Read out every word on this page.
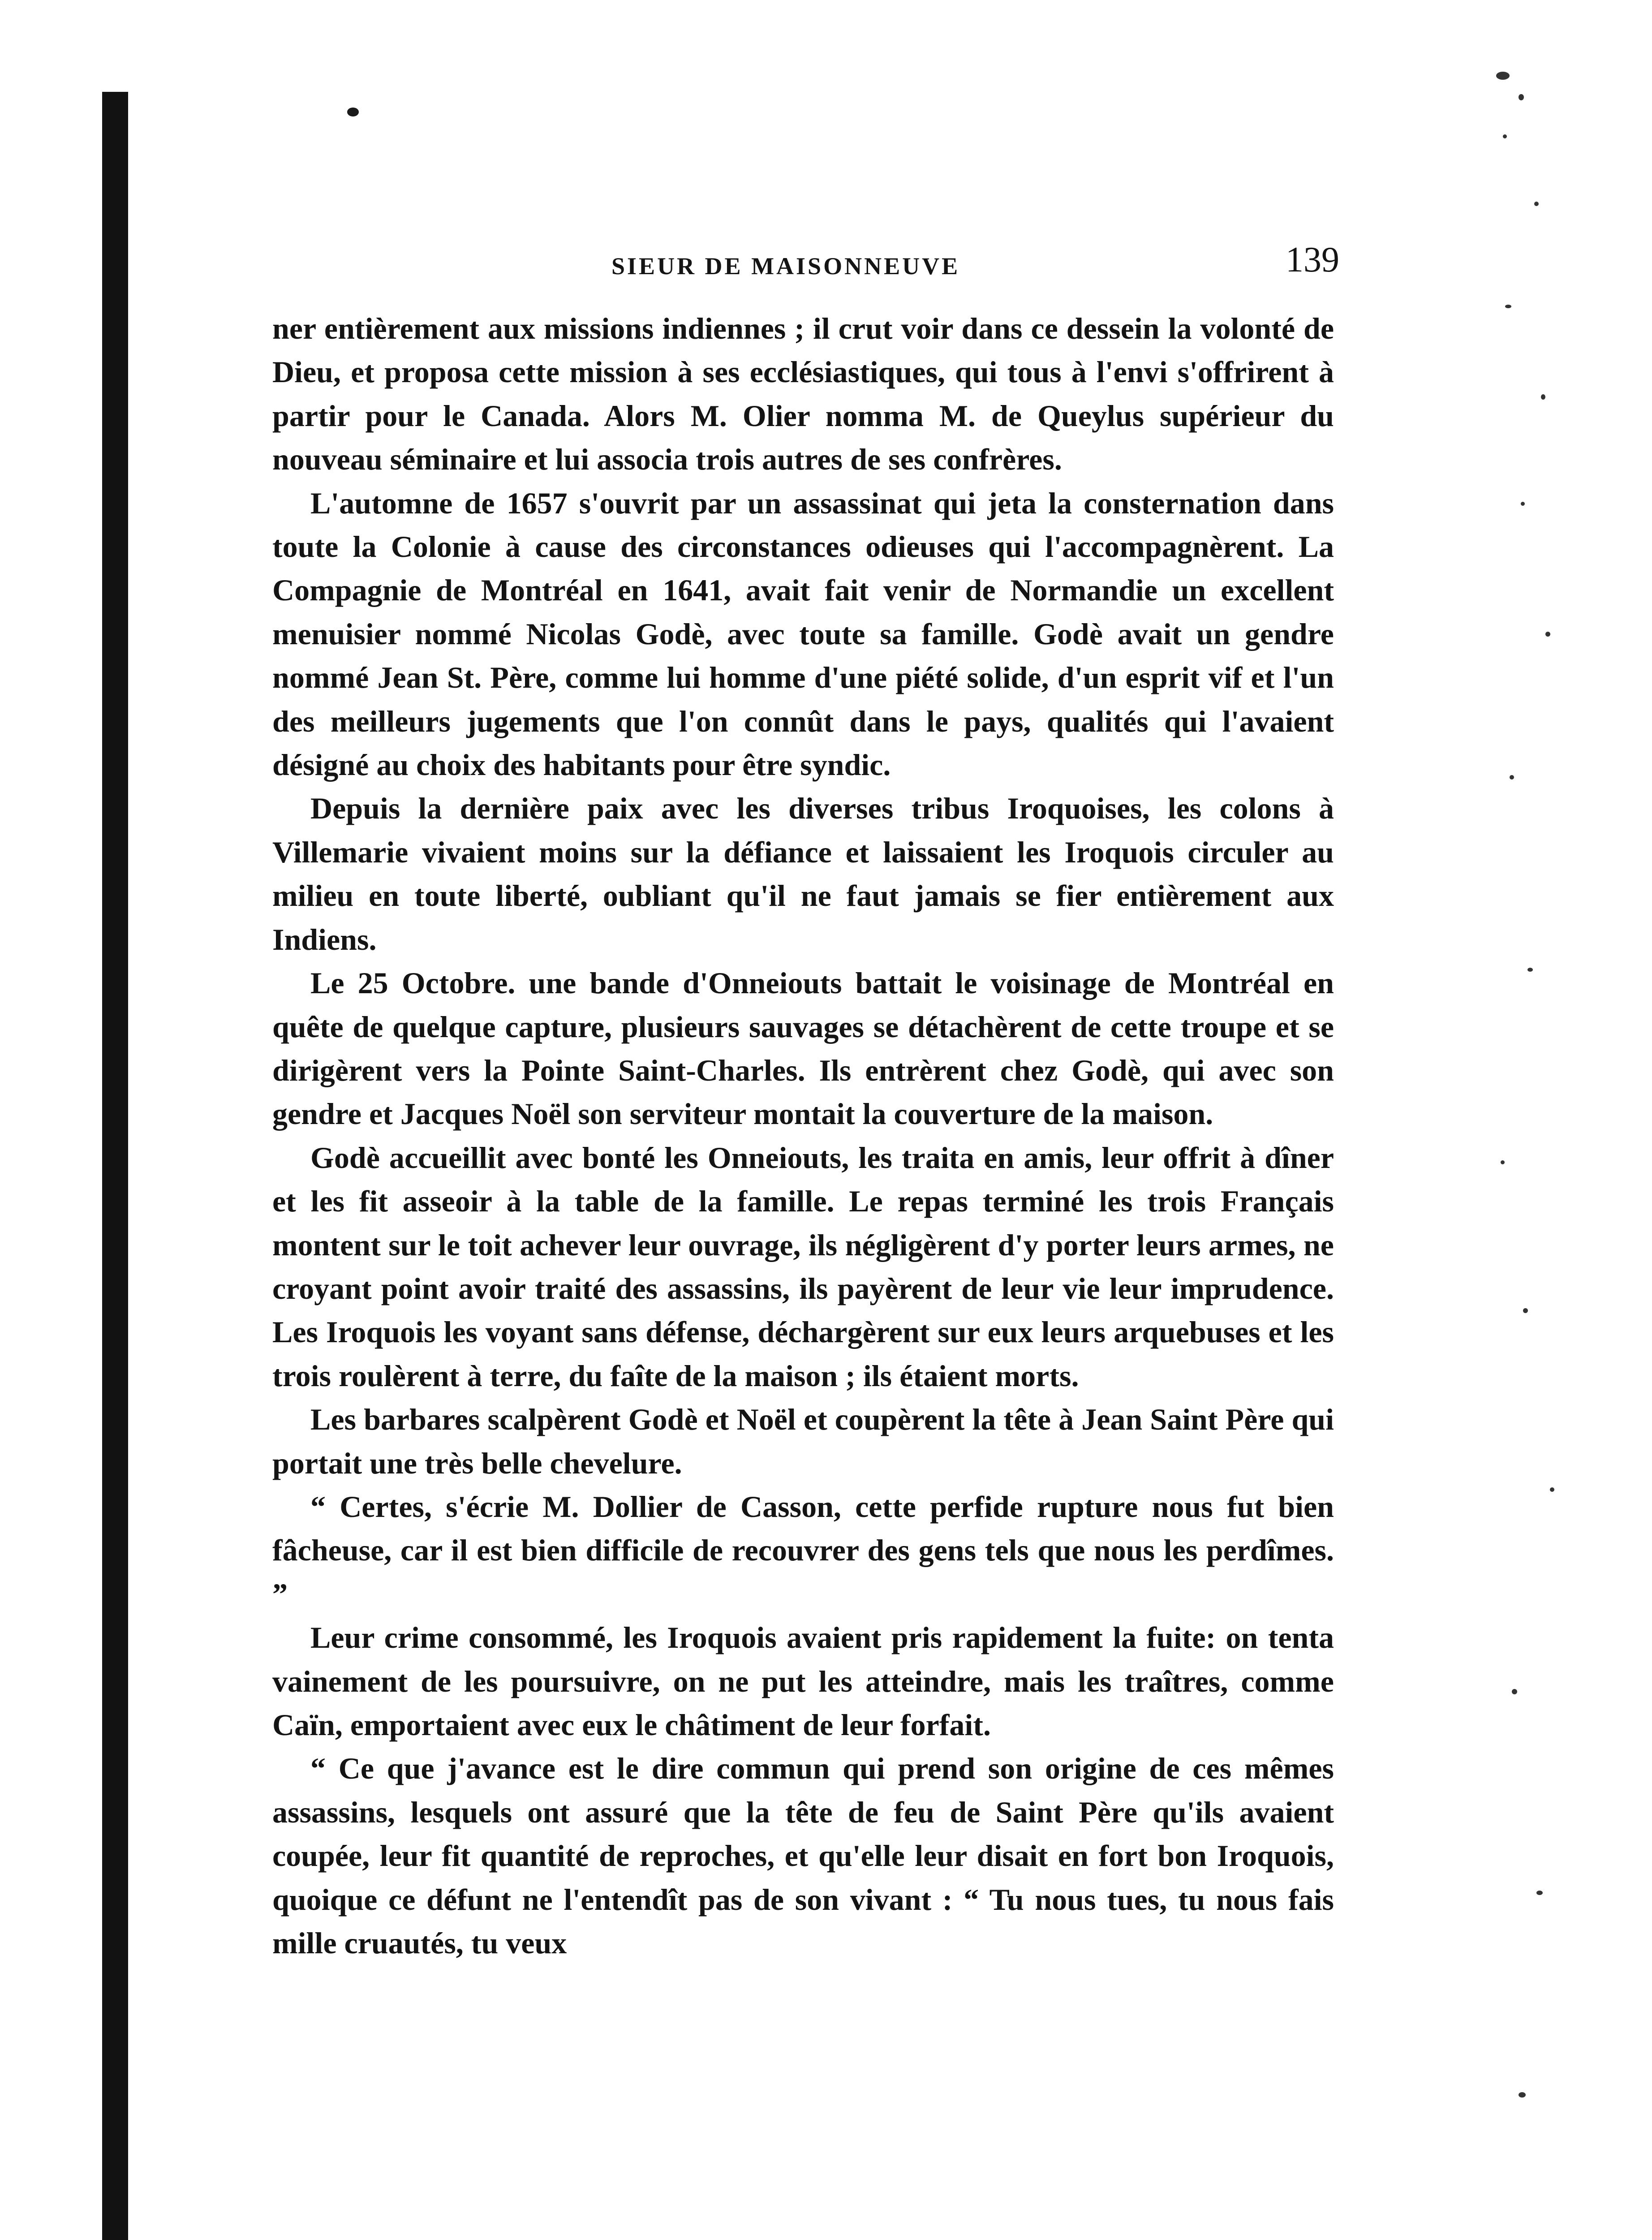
SIEUR DE MAISONNEUVE	139

ner entièrement aux missions indiennes ; il crut voir dans ce dessein la volonté de Dieu, et proposa cette mission à ses ecclésiastiques, qui tous à l'envi s'offrirent à partir pour le Canada. Alors M. Olier nomma M. de Queylus supérieur du nouveau séminaire et lui associa trois autres de ses confrères.

L'automne de 1657 s'ouvrit par un assassinat qui jeta la consternation dans toute la Colonie à cause des circonstances odieuses qui l'accompagnèrent. La Compagnie de Montréal en 1641, avait fait venir de Normandie un excellent menuisier nommé Nicolas Godè, avec toute sa famille. Godè avait un gendre nommé Jean St. Père, comme lui homme d'une piété solide, d'un esprit vif et l'un des meilleurs jugements que l'on connût dans le pays, qualités qui l'avaient désigné au choix des habitants pour être syndic.

Depuis la dernière paix avec les diverses tribus Iroquoises, les colons à Villemarie vivaient moins sur la défiance et laissaient les Iroquois circuler au milieu en toute liberté, oubliant qu'il ne faut jamais se fier entièrement aux Indiens.

Le 25 Octobre. une bande d'Onneiouts battait le voisinage de Montréal en quête de quelque capture, plusieurs sauvages se détachèrent de cette troupe et se dirigèrent vers la Pointe Saint-Charles. Ils entrèrent chez Godè, qui avec son gendre et Jacques Noël son serviteur montait la couverture de la maison.

Godè accueillit avec bonté les Onneiouts, les traita en amis, leur offrit à dîner et les fit asseoir à la table de la famille. Le repas terminé les trois Français montent sur le toit achever leur ouvrage, ils négligèrent d'y porter leurs armes, ne croyant point avoir traité des assassins, ils payèrent de leur vie leur imprudence. Les Iroquois les voyant sans défense, déchargèrent sur eux leurs arquebuses et les trois roulèrent à terre, du faîte de la maison ; ils étaient morts.

Les barbares scalpèrent Godè et Noël et coupèrent la tête à Jean Saint Père qui portait une très belle chevelure.

“ Certes, s'écrie M. Dollier de Casson, cette perfide rupture nous fut bien fâcheuse, car il est bien difficile de recouvrer des gens tels que nous les perdîmes. ”

Leur crime consommé, les Iroquois avaient pris rapidement la fuite: on tenta vainement de les poursuivre, on ne put les atteindre, mais les traîtres, comme Caïn, emportaient avec eux le châtiment de leur forfait.

“ Ce que j'avance est le dire commun qui prend son origine de ces mêmes assassins, lesquels ont assuré que la tête de feu de Saint Père qu'ils avaient coupée, leur fit quantité de reproches, et qu'elle leur disait en fort bon Iroquois, quoique ce défunt ne l'entendît pas de son vivant : “ Tu nous tues, tu nous fais mille cruautés, tu veux
